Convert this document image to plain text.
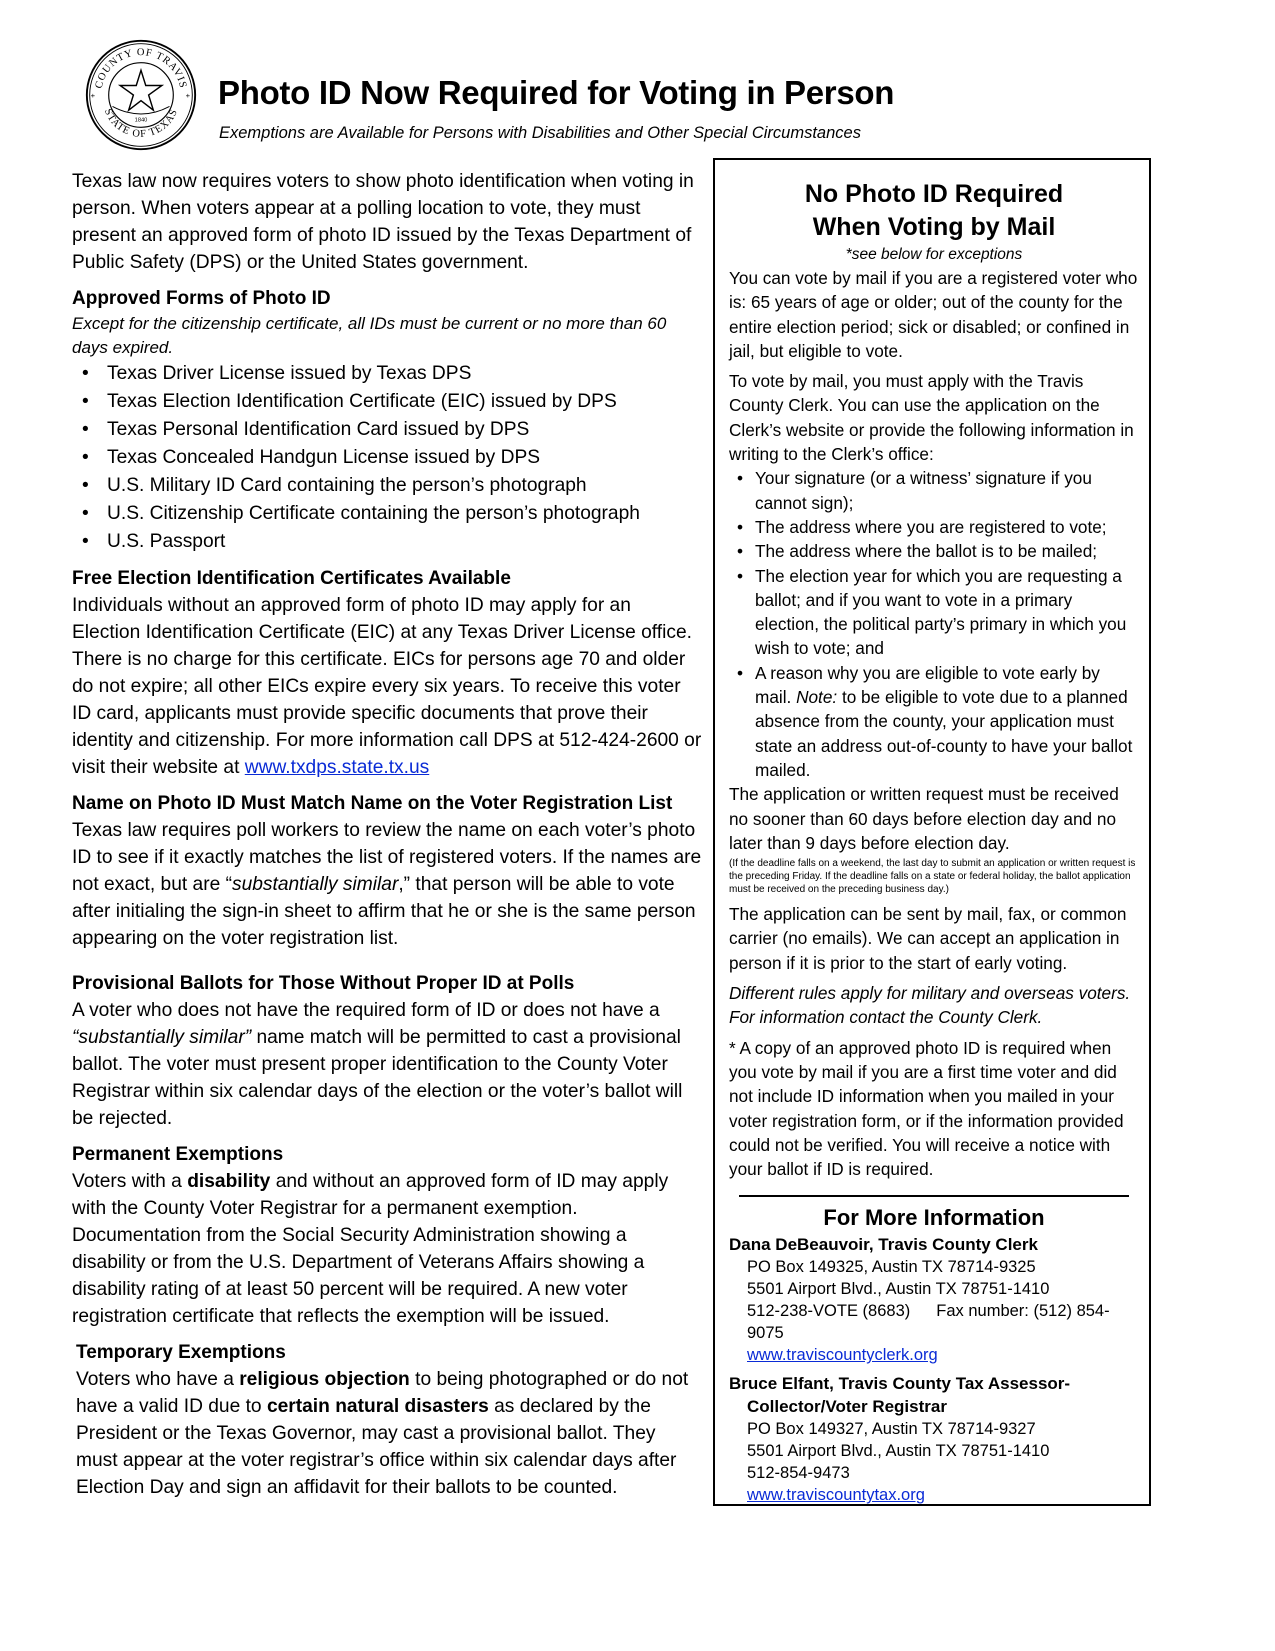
COUNTY OF TRAVIS
STATE OF TEXAS
1840
+	+ Photo ID Now Required for Voting in Person

Exemptions are Available for Persons with Disabilities and Other Special Circumstances

Texas law now requires voters to show photo identification when voting in person. When voters appear at a polling location to vote, they must present an approved form of photo ID issued by the Texas Department of Public Safety (DPS) or the United States government.

Approved Forms of Photo ID

Except for the citizenship certificate, all IDs must be current or no more than 60 days expired.

• Texas Driver License issued by Texas DPS
• Texas Election Identification Certificate (EIC) issued by DPS
• Texas Personal Identification Card issued by DPS
• Texas Concealed Handgun License issued by DPS
• U.S. Military ID Card containing the person’s photograph
• U.S. Citizenship Certificate containing the person’s photograph
• U.S. Passport

Free Election Identification Certificates Available

Individuals without an approved form of photo ID may apply for an Election Identification Certificate (EIC) at any Texas Driver License office. There is no charge for this certificate. EICs for persons age 70 and older do not expire; all other EICs expire every six years. To receive this voter ID card, applicants must provide specific documents that prove their identity and citizenship. For more information call DPS at 512-424-2600 or visit their website at www.txdps.state.tx.us

Name on Photo ID Must Match Name on the Voter Registration List

Texas law requires poll workers to review the name on each voter’s photo ID to see if it exactly matches the list of registered voters. If the names are not exact, but are “substantially similar,” that person will be able to vote after initialing the sign-in sheet to affirm that he or she is the same person appearing on the voter registration list.

Provisional Ballots for Those Without Proper ID at Polls

A voter who does not have the required form of ID or does not have a “substantially similar” name match will be permitted to cast a provisional ballot. The voter must present proper identification to the County Voter Registrar within six calendar days of the election or the voter’s ballot will be rejected.

Permanent Exemptions

Voters with a disability and without an approved form of ID may apply with the County Voter Registrar for a permanent exemption. Documentation from the Social Security Administration showing a disability or from the U.S. Department of Veterans Affairs showing a disability rating of at least 50 percent will be required. A new voter registration certificate that reflects the exemption will be issued.

Temporary Exemptions

Voters who have a religious objection to being photographed or do not have a valid ID due to certain natural disasters as declared by the President or the Texas Governor, may cast a provisional ballot. They must appear at the voter registrar’s office within six calendar days after Election Day and sign an affidavit for their ballots to be counted.

No Photo ID Required

When Voting by Mail

*see below for exceptions

You can vote by mail if you are a registered voter who is: 65 years of age or older; out of the county for the entire election period; sick or disabled; or confined in jail, but eligible to vote.

To vote by mail, you must apply with the Travis County Clerk. You can use the application on the Clerk’s website or provide the following information in writing to the Clerk’s office:

• Your signature (or a witness’ signature if you cannot sign);
• The address where you are registered to vote;
• The address where the ballot is to be mailed;
• The election year for which you are requesting a ballot; and if you want to vote in a primary election, the political party’s primary in which you wish to vote; and
• A reason why you are eligible to vote early by mail. Note: to be eligible to vote due to a planned absence from the county, your application must state an address out-of-county to have your ballot mailed.

The application or written request must be received no sooner than 60 days before election day and no later than 9 days before election day.

(If the deadline falls on a weekend, the last day to submit an application or written request is the preceding Friday. If the deadline falls on a state or federal holiday, the ballot application must be received on the preceding business day.)

The application can be sent by mail, fax, or common carrier (no emails). We can accept an application in person if it is prior to the start of early voting.

Different rules apply for military and overseas voters. For information contact the County Clerk.

* A copy of an approved photo ID is required when you vote by mail if you are a first time voter and did not include ID information when you mailed in your voter registration form, or if the information provided could not be verified. You will receive a notice with your ballot if ID is required.

For More Information

Dana DeBeauvoir, Travis County Clerk

PO Box 149325, Austin TX 78714-9325

5501 Airport Blvd., Austin TX 78751-1410

512-238-VOTE (8683) Fax number: (512) 854-9075

www.traviscountyclerk.org

Bruce Elfant, Travis County Tax Assessor-

Collector/Voter Registrar

PO Box 149327, Austin TX 78714-9327

5501 Airport Blvd., Austin TX 78751-1410

512-854-9473

www.traviscountytax.org
